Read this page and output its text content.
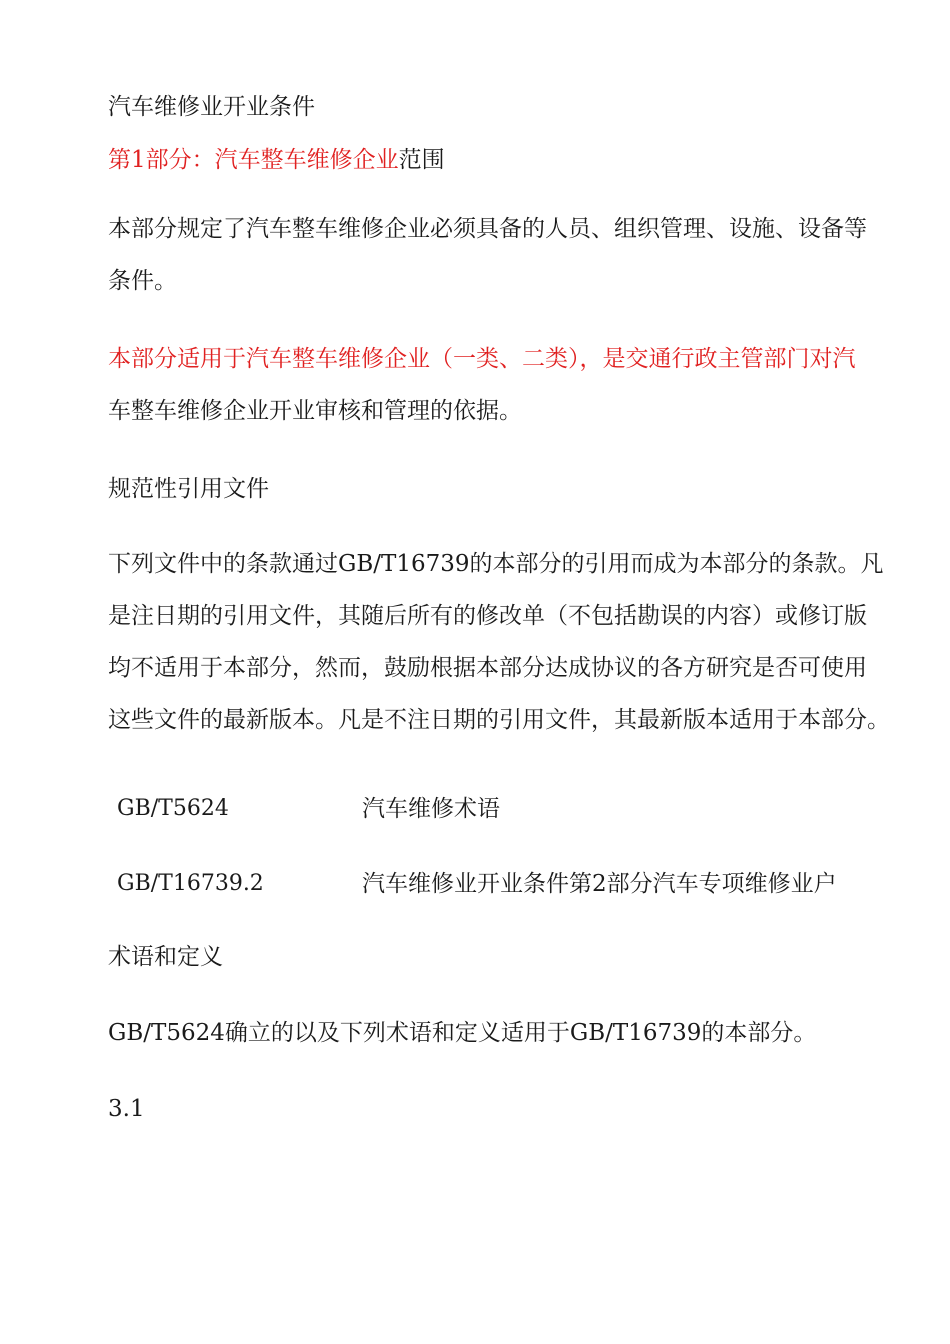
汽车维修业开业条件
第1部分：汽车整车维修企业范围
本部分规定了汽车整车维修企业必须具备的人员、组织管理、设施、设备等
条件。
本部分适用于汽车整车维修企业（一类、二类），是交通行政主管部门对汽
车整车维修企业开业审核和管理的依据。
规范性引用文件
下列文件中的条款通过GB/T16739的本部分的引用而成为本部分的条款。凡
是注日期的引用文件，其随后所有的修改单（不包括勘误的内容）或修订版
均不适用于本部分，然而，鼓励根据本部分达成协议的各方研究是否可使用
这些文件的最新版本。凡是不注日期的引用文件，其最新版本适用于本部分。
GB/T5624	汽车维修术语
GB/T16739.2	汽车维修业开业条件第2部分汽车专项维修业户
术语和定义
GB/T5624确立的以及下列术语和定义适用于GB/T16739的本部分。
3.1
